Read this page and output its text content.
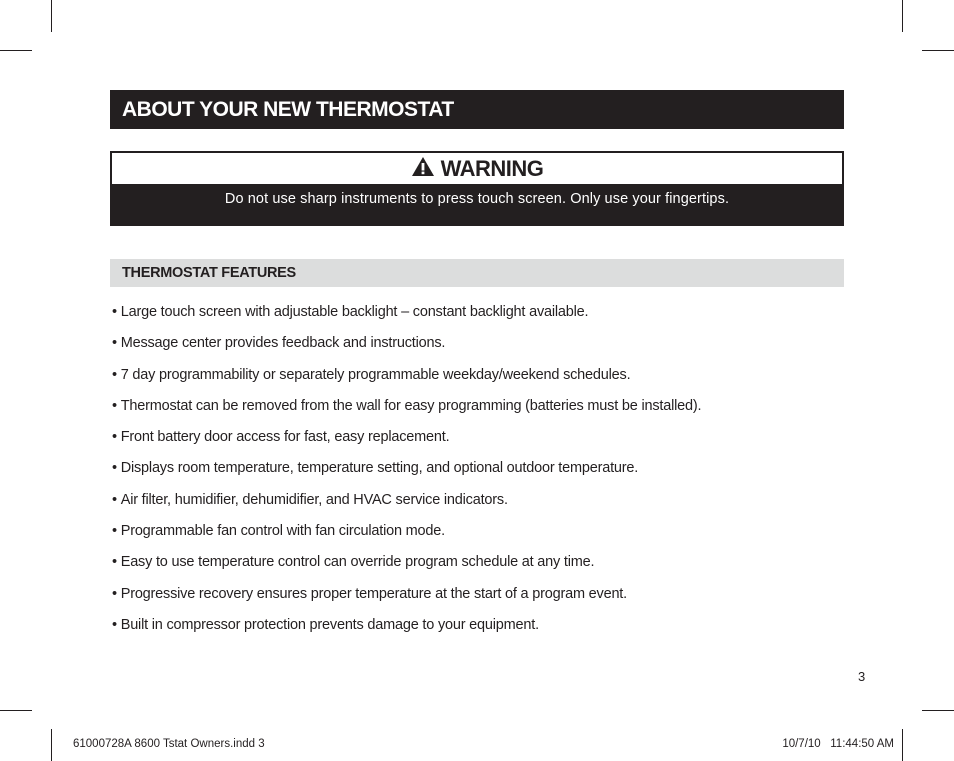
ABOUT YOUR NEW THERMOSTAT
WARNING
Do not use sharp instruments to press touch screen. Only use your fingertips.
THERMOSTAT FEATURES
• Large touch screen with adjustable backlight – constant backlight available.
• Message center provides feedback and instructions.
• 7 day programmability or separately programmable weekday/weekend schedules.
• Thermostat can be removed from the wall for easy programming (batteries must be installed).
• Front battery door access for fast, easy replacement.
• Displays room temperature, temperature setting, and optional outdoor temperature.
• Air filter, humidifier, dehumidifier, and HVAC service indicators.
• Programmable fan control with fan circulation mode.
• Easy to use temperature control can override program schedule at any time.
• Progressive recovery ensures proper temperature at the start of a program event.
• Built in compressor protection prevents damage to your equipment.
3
61000728A 8600 Tstat Owners.indd 3	10/7/10   11:44:50 AM
